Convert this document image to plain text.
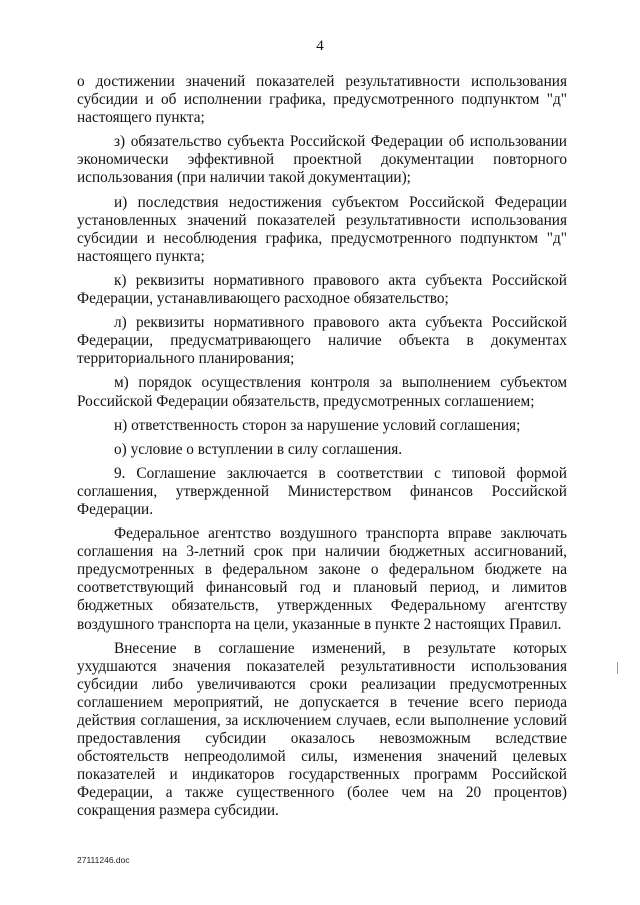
4

о достижении значений показателей результативности использования субсидии и об исполнении графика, предусмотренного подпунктом "д" настоящего пункта;

з) обязательство субъекта Российской Федерации об использовании экономически эффективной проектной документации повторного использования (при наличии такой документации);

и) последствия недостижения субъектом Российской Федерации установленных значений показателей результативности использования субсидии и несоблюдения графика, предусмотренного подпунктом "д" настоящего пункта;

к) реквизиты нормативного правового акта субъекта Российской Федерации, устанавливающего расходное обязательство;

л) реквизиты нормативного правового акта субъекта Российской Федерации, предусматривающего наличие объекта в документах территориального планирования;

м) порядок осуществления контроля за выполнением субъектом Российской Федерации обязательств, предусмотренных соглашением;

н) ответственность сторон за нарушение условий соглашения;

о) условие о вступлении в силу соглашения.

9. Соглашение заключается в соответствии с типовой формой соглашения, утвержденной Министерством финансов Российской Федерации.

Федеральное агентство воздушного транспорта вправе заключать соглашения на 3-летний срок при наличии бюджетных ассигнований, предусмотренных в федеральном законе о федеральном бюджете на соответствующий финансовый год и плановый период, и лимитов бюджетных обязательств, утвержденных Федеральному агентству воздушного транспорта на цели, указанные в пункте 2 настоящих Правил.

Внесение в соглашение изменений, в результате которых ухудшаются значения показателей результативности использования субсидии либо увеличиваются сроки реализации предусмотренных соглашением мероприятий, не допускается в течение всего периода действия соглашения, за исключением случаев, если выполнение условий предоставления субсидии оказалось невозможным вследствие обстоятельств непреодолимой силы, изменения значений целевых показателей и индикаторов государственных программ Российской Федерации, а также существенного (более чем на 20 процентов) сокращения размера субсидии.

27111246.doc
